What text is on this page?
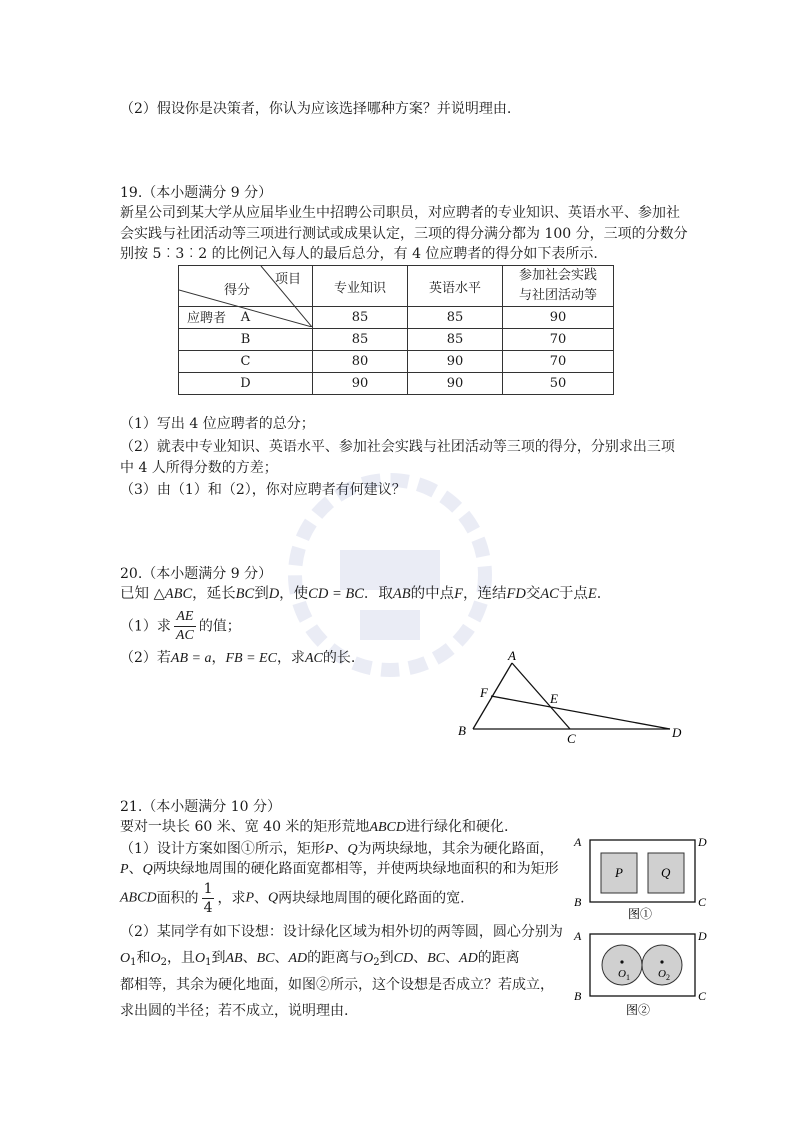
（2）假设你是决策者，你认为应该选择哪种方案？并说明理由.
19.（本小题满分 9 分）
新星公司到某大学从应届毕业生中招聘公司职员，对应聘者的专业知识、英语水平、参加社
会实践与社团活动等三项进行测试或成果认定，三项的得分满分都为 100 分，三项的分数分
别按 5︰3︰2 的比例记入每人的最后总分，有 4 位应聘者的得分如下表所示.
项目
得分
应聘者	专业知识	英语水平	参加社会实践
与社团活动等
A	85	85	90
B	85	85	70
C	80	90	70
D	90	90	50
（1）写出 4 位应聘者的总分；
（2）就表中专业知识、英语水平、参加社会实践与社团活动等三项的得分，分别求出三项
中 4 人所得分数的方差；
（3）由（1）和（2），你对应聘者有何建议？
20.（本小题满分 9 分）
已知 △ABC，延长BC到D，使CD = BC．取AB的中点F，连结FD交AC于点E．
（1）求 $\frac{AE}{AC}$ 的值；
（2）若AB = a，FB = EC，求AC的长.	A
B
C	D
E
F
21.（本小题满分 10 分）
要对一块长 60 米、宽 40 米的矩形荒地ABCD进行绿化和硬化.
（1）设计方案如图①所示，矩形P、Q为两块绿地，其余为硬化路面，
P、Q两块绿地周围的硬化路面宽都相等，并使两块绿地面积的和为矩形
ABCD面积的 $\frac{1}{4}$ ，求P、Q两块绿地周围的硬化路面的宽.
（2）某同学有如下设想：设计绿化区域为相外切的两等圆，圆心分别为
$O_1$和$O_2$，且$O_1$到AB、BC、AD的距离与$O_2$到CD、BC、AD的距离
都相等，其余为硬化地面，如图②所示，这个设想是否成立？若成立，
求出圆的半径；若不成立，说明理由.
A	D
B	C
P	Q
图①
O 1	O 2
A	D
B	C
图②
